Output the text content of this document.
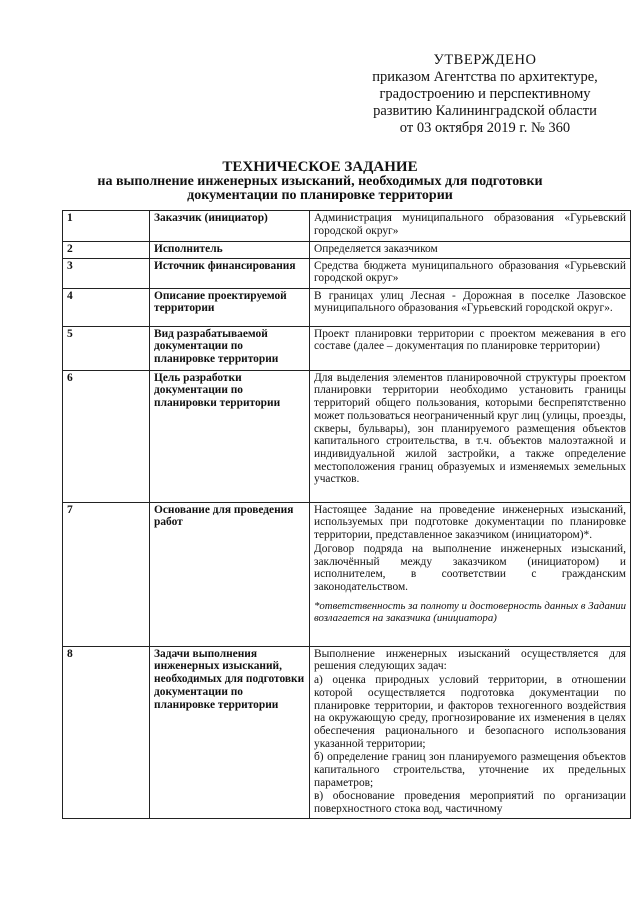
УТВЕРЖДЕНО
приказом Агентства по архитектуре,
градостроению и перспективному
развитию Калининградской области
от 03 октября 2019 г. № 360
ТЕХНИЧЕСКОЕ ЗАДАНИЕ
на выполнение инженерных изысканий, необходимых для подготовки
документации по планировке территории
1	Заказчик (инициатор)	Администрация муниципального образования «Гурьевский городской округ»
2	Исполнитель	Определяется заказчиком
3	Источник финансирования	Средства бюджета муниципального образования «Гурьевский городской округ»
4	Описание проектируемой территории	В границах улиц Лесная - Дорожная в поселке Лазовское муниципального образования «Гурьевский городской округ».
5	Вид разрабатываемой документации по планировке территории	Проект планировки территории с проектом межевания в его составе (далее – документация по планировке территории)
6	Цель разработки документации по планировки территории	Для выделения элементов планировочной структуры проектом планировки территории необходимо установить границы территорий общего пользования, которыми беспрепятственно может пользоваться неограниченный круг лиц (улицы, проезды, скверы, бульвары), зон планируемого размещения объектов капитального строительства, в т.ч. объектов малоэтажной и индивидуальной жилой застройки, а также определение местоположения границ образуемых и изменяемых земельных участков.
7	Основание для проведения работ	Настоящее Задание на проведение инженерных изысканий, используемых при подготовке документации по планировке территории, представленное заказчиком (инициатором)*.

Договор подряда на выполнение инженерных изысканий, заключённый между заказчиком (инициатором) и исполнителем, в соответствии с гражданским законодательством.

*ответственность за полноту и достоверность данных в Задании возлагается на заказчика (инициатора)

8	Задачи выполнения инженерных изысканий, необходимых для подготовки документации по планировке территории	Выполнение инженерных изысканий осуществляется для решения следующих задач:

а) оценка природных условий территории, в отношении которой осуществляется подготовка документации по планировке территории, и факторов техногенного воздействия на окружающую среду, прогнозирование их изменения в целях обеспечения рационального и безопасного использования указанной территории;

б) определение границ зон планируемого размещения объектов капитального строительства, уточнение их предельных параметров;

в) обоснование проведения мероприятий по организации поверхностного стока вод, частичному
